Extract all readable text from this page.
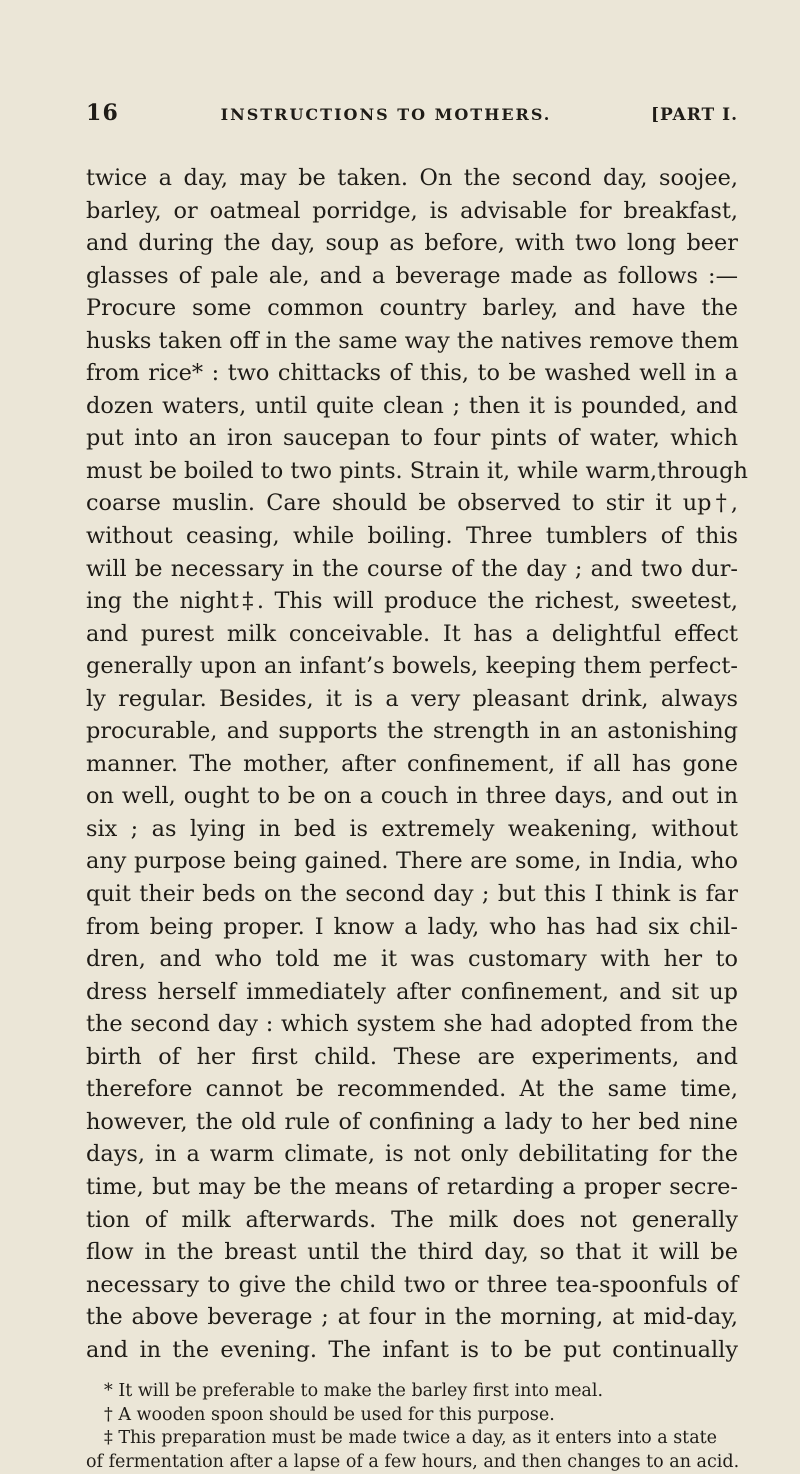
16	INSTRUCTIONS TO MOTHERS.	[PART I.
twice a day, may be taken. On the second day, soojee,
barley, or oatmeal porridge, is advisable for breakfast,
and during the day, soup as before, with two long beer
glasses of pale ale, and a beverage made as follows :—
Procure some common country barley, and have the
husks taken off in the same way the natives remove them
from rice* : two chittacks of this, to be washed well in a
dozen waters, until quite clean ; then it is pounded, and
put into an iron saucepan to four pints of water, which
must be boiled to two pints. Strain it, while warm,through
coarse muslin. Care should be observed to stir it up†,
without ceasing, while boiling. Three tumblers of this
will be necessary in the course of the day ; and two dur-
ing the night‡. This will produce the richest, sweetest,
and purest milk conceivable. It has a delightful effect
generally upon an infant’s bowels, keeping them perfect-
ly regular. Besides, it is a very pleasant drink, always
procurable, and supports the strength in an astonishing
manner. The mother, after confinement, if all has gone
on well, ought to be on a couch in three days, and out in
six ; as lying in bed is extremely weakening, without
any purpose being gained. There are some, in India, who
quit their beds on the second day ; but this I think is far
from being proper. I know a lady, who has had six chil-
dren, and who told me it was customary with her to
dress herself immediately after confinement, and sit up
the second day : which system she had adopted from the
birth of her first child. These are experiments, and
therefore cannot be recommended. At the same time,
however, the old rule of confining a lady to her bed nine
days, in a warm climate, is not only debilitating for the
time, but may be the means of retarding a proper secre-
tion of milk afterwards. The milk does not generally
flow in the breast until the third day, so that it will be
necessary to give the child two or three tea-spoonfuls of
the above beverage ; at four in the morning, at mid-day,
and in the evening. The infant is to be put continually
* It will be preferable to make the barley first into meal.
† A wooden spoon should be used for this purpose.
‡ This preparation must be made twice a day, as it enters into a state
of fermentation after a lapse of a few hours, and then changes to an acid.
